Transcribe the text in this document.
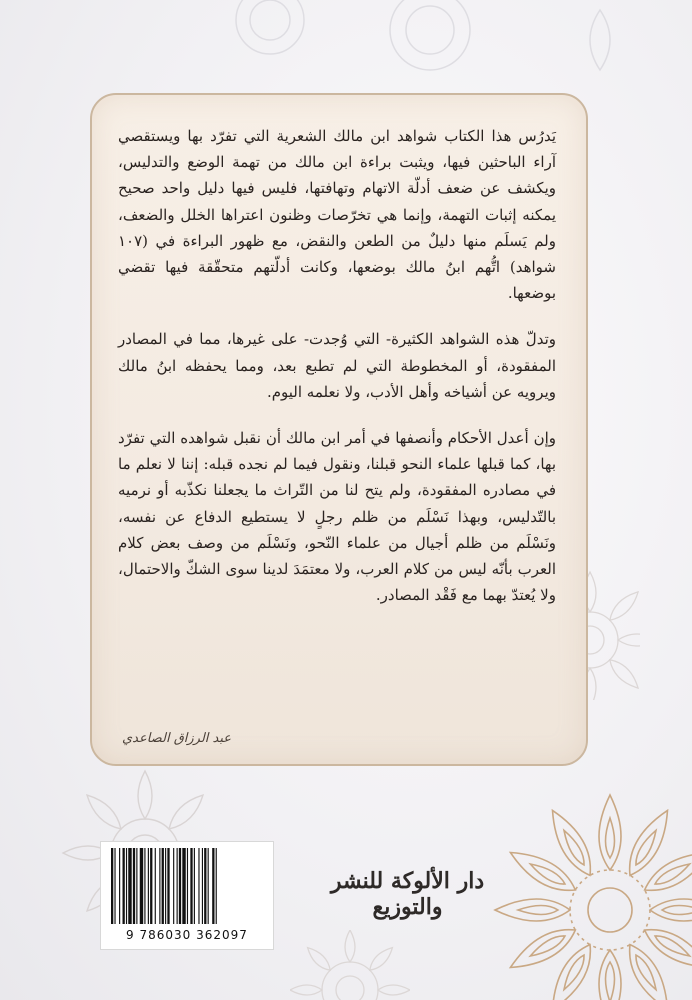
يَدرُس هذا الكتاب شواهد ابن مالك الشعرية التي تفرّد بها ويستقصي آراء الباحثين فيها، ويثبت براءة ابن مالك من تهمة الوضع والتدليس، ويكشف عن ضعف أدلّة الاتهام وتهافتها، فليس فيها دليل واحد صحيح يمكنه إثبات التهمة، وإنما هي تخرّصات وظنون اعتراها الخلل والضعف، ولم يَسلَم منها دليلٌ من الطعن والنقض، مع ظهور البراءة في (١٠٧ شواهد) اتُّهم ابنُ مالك بوضعها، وكانت أدلّتهم متحقّقة فيها تقضي بوضعها.

وتدلّ هذه الشواهد الكثيرة- التي وُجدت- على غيرها، مما في المصادر المفقودة، أو المخطوطة التي لم تطبع بعد، ومما يحفظه ابنُ مالك ويرويه عن أشياخه وأهل الأدب، ولا نعلمه اليوم.

وإن أعدل الأحكام وأنصفها في أمر ابن مالك أن نقبل شواهده التي تفرّد بها، كما قبلها علماء النحو قبلنا، ونقول فيما لم نجده قبله: إننا لا نعلم ما في مصادره المفقودة، ولم يتح لنا من التّراث ما يجعلنا نكذّبه أو نرميه بالتّدليس، وبهذا نَسْلَم من ظلم رجلٍ لا يستطيع الدفاع عن نفسه، ونَسْلَم من ظلم أجيال من علماء النّحو، ونَسْلَم من وصف بعض كلام العرب بأنّه ليس من كلام العرب، ولا معتمَدَ لدينا سوى الشكّ والاحتمال، ولا يُعتدّ بهما مع فَقْد المصادر.

عبد الرزاق الصاعدي
9 786030 362097
دار الألوكة للنشر والتوزيع
